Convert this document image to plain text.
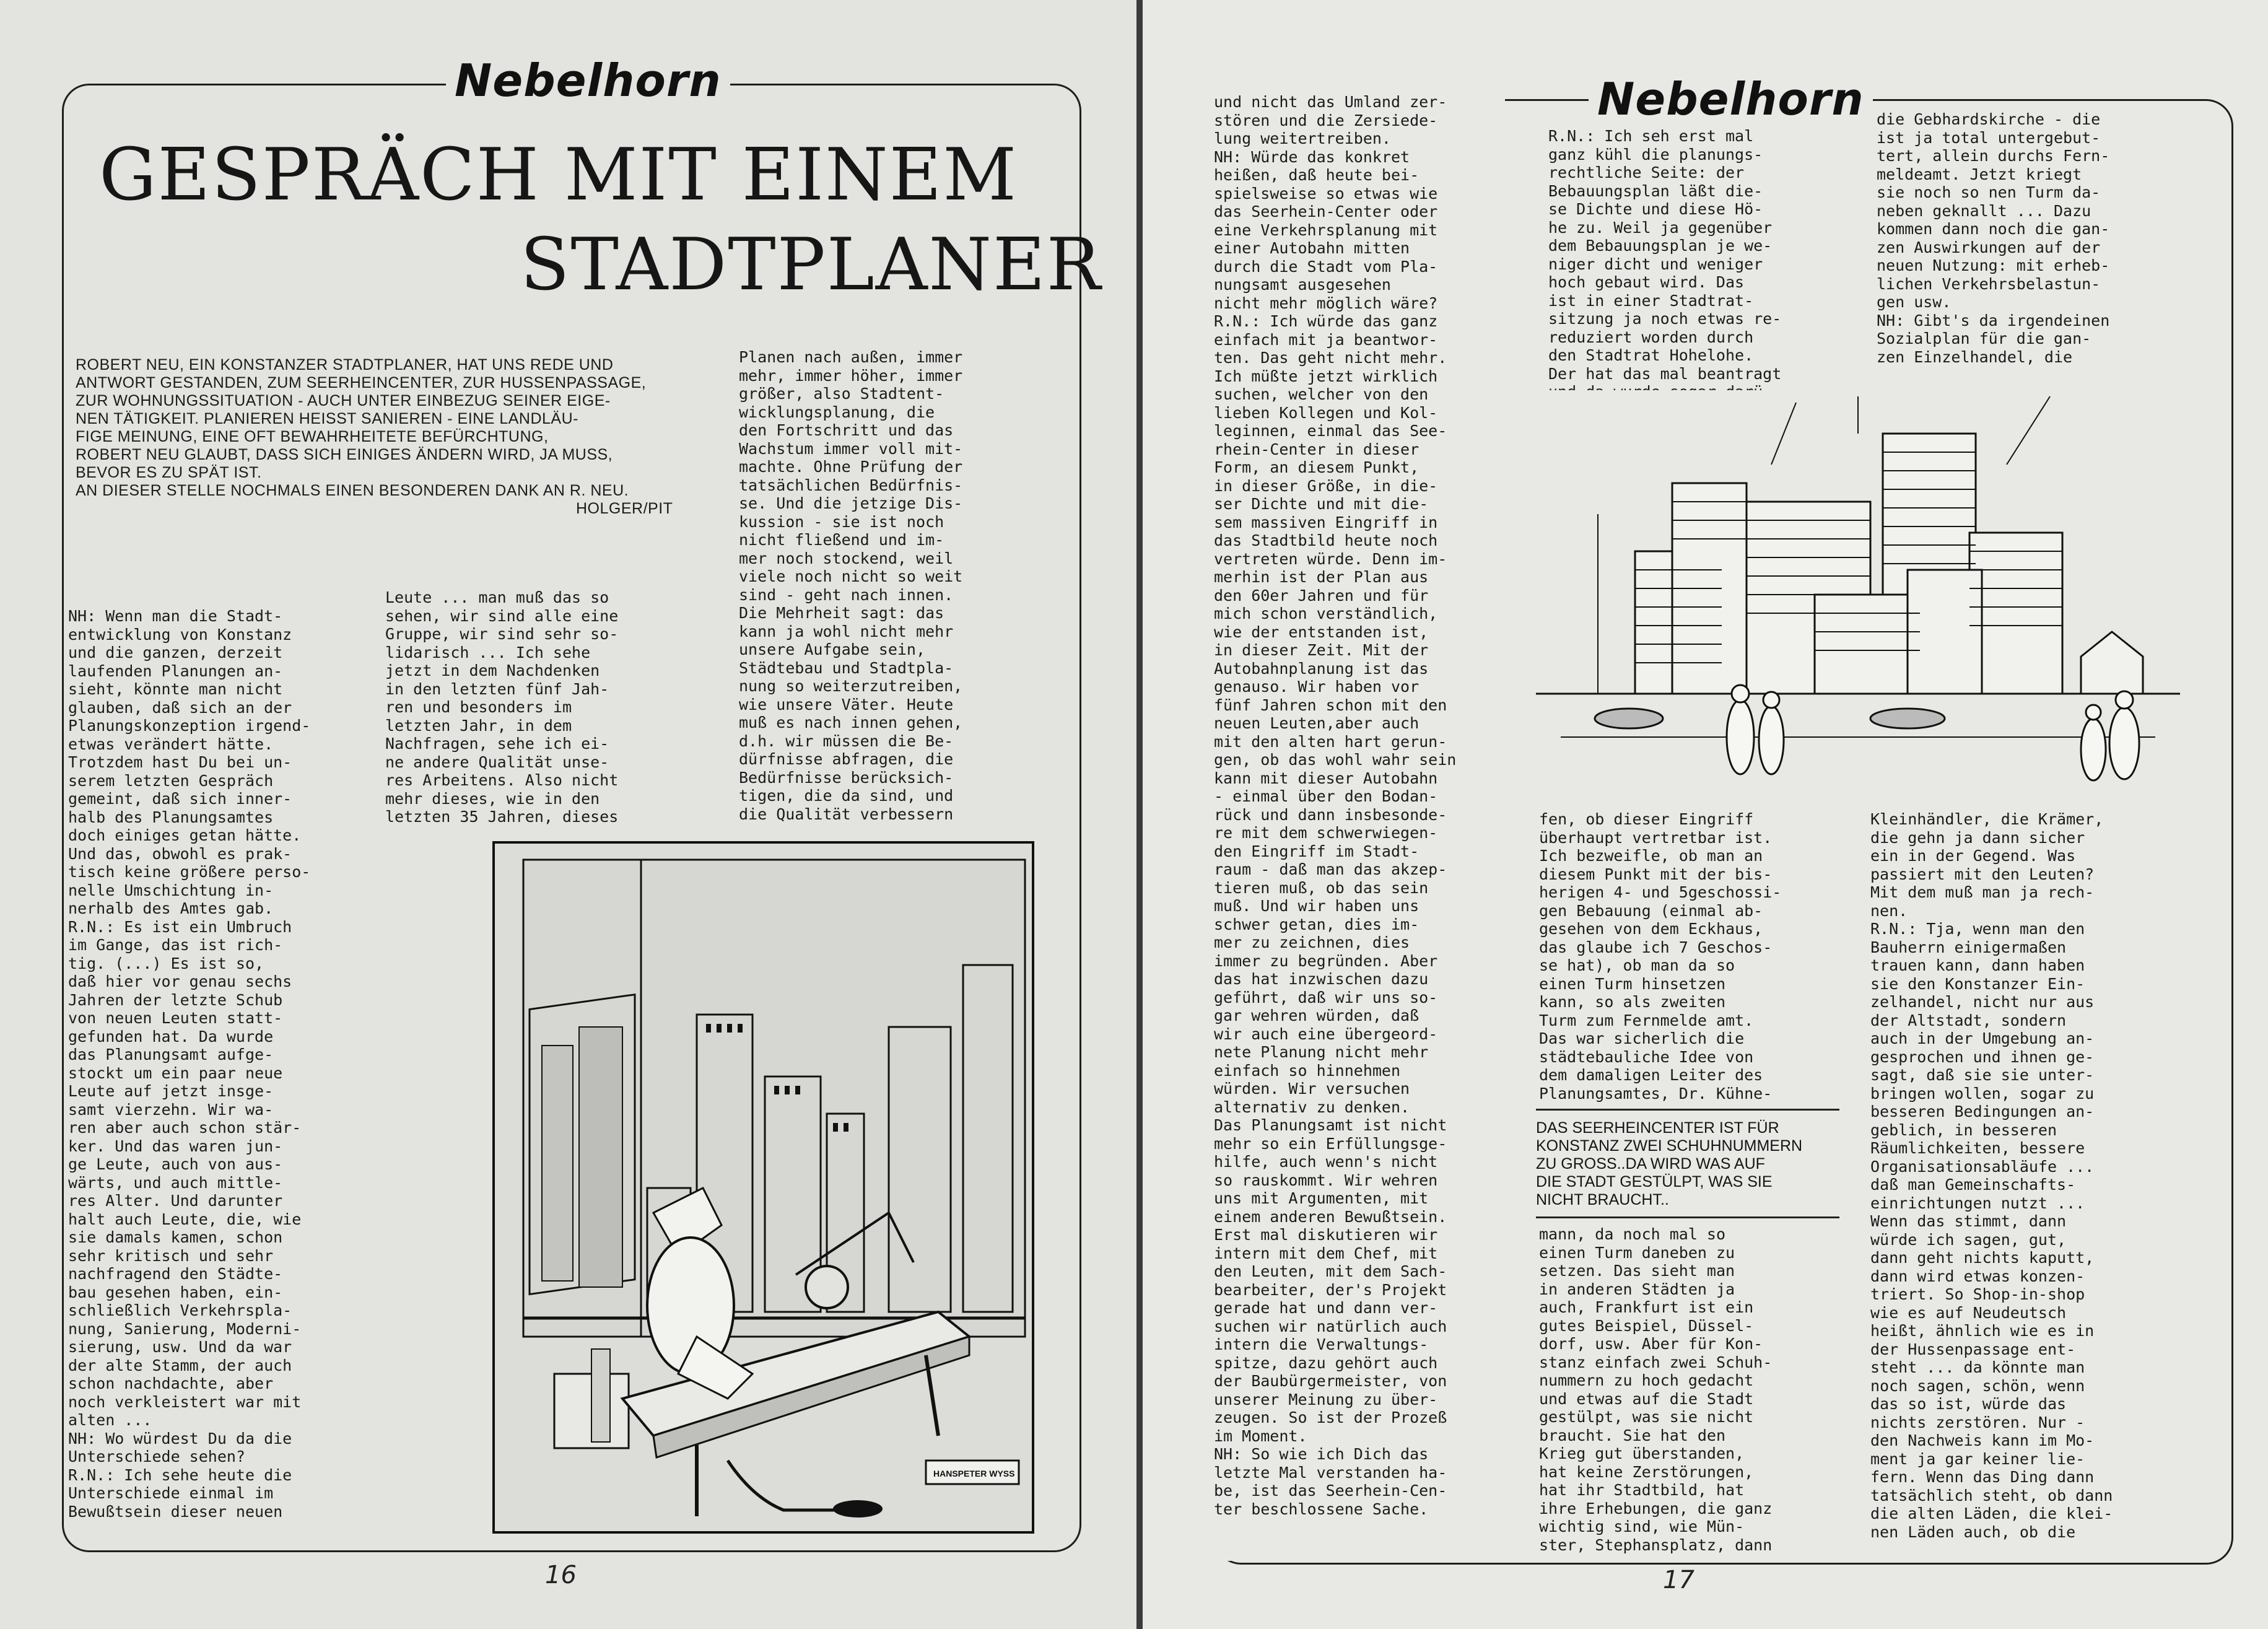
Nebelhorn
GESPRÄCH MIT EINEM
STADTPLANER
ROBERT NEU, EIN KONSTANZER STADTPLANER, HAT UNS REDE UND
ANTWORT GESTANDEN, ZUM SEERHEINCENTER, ZUR HUSSENPASSAGE,
ZUR WOHNUNGSSITUATION - AUCH UNTER EINBEZUG SEINER EIGE-
NEN TÄTIGKEIT. PLANIEREN HEISST SANIEREN - EINE LANDLÄU-
FIGE MEINUNG, EINE OFT BEWAHRHEITETE BEFÜRCHTUNG,
ROBERT NEU GLAUBT, DASS SICH EINIGES ÄNDERN WIRD, JA MUSS,
BEVOR ES ZU SPÄT IST.
AN DIESER STELLE NOCHMALS EINEN BESONDEREN DANK AN R. NEU.
HOLGER/PIT
NH: Wenn man die Stadt-
entwicklung von Konstanz
und die ganzen, derzeit
laufenden Planungen an-
sieht, könnte man nicht
glauben, daß sich an der
Planungskonzeption irgend-
etwas verändert hätte.
Trotzdem hast Du bei un-
serem letzten Gespräch
gemeint, daß sich inner-
halb des Planungsamtes
doch einiges getan hätte.
Und das, obwohl es prak-
tisch keine größere perso-
nelle Umschichtung in-
nerhalb des Amtes gab.
R.N.: Es ist ein Umbruch
im Gange, das ist rich-
tig. (...) Es ist so,
daß hier vor genau sechs
Jahren der letzte Schub
von neuen Leuten statt-
gefunden hat. Da wurde
das Planungsamt aufge-
stockt um ein paar neue
Leute auf jetzt insge-
samt vierzehn. Wir wa-
ren aber auch schon stär-
ker. Und das waren jun-
ge Leute, auch von aus-
wärts, und auch mittle-
res Alter. Und darunter
halt auch Leute, die, wie
sie damals kamen, schon
sehr kritisch und sehr
nachfragend den Städte-
bau gesehen haben, ein-
schließlich Verkehrspla-
nung, Sanierung, Moderni-
sierung, usw. Und da war
der alte Stamm, der auch
schon nachdachte, aber
noch verkleistert war mit
alten ...
NH: Wo würdest Du da die
Unterschiede sehen?
R.N.: Ich sehe heute die
Unterschiede einmal im
Bewußtsein dieser neuen
Leute ... man muß das so
sehen, wir sind alle eine
Gruppe, wir sind sehr so-
lidarisch ... Ich sehe
jetzt in dem Nachdenken
in den letzten fünf Jah-
ren und besonders im
letzten Jahr, in dem
Nachfragen, sehe ich ei-
ne andere Qualität unse-
res Arbeitens. Also nicht
mehr dieses, wie in den
letzten 35 Jahren, dieses
Planen nach außen, immer
mehr, immer höher, immer
größer, also Stadtent-
wicklungsplanung, die
den Fortschritt und das
Wachstum immer voll mit-
machte. Ohne Prüfung der
tatsächlichen Bedürfnis-
se. Und die jetzige Dis-
kussion - sie ist noch
nicht fließend und im-
mer noch stockend, weil
viele noch nicht so weit
sind - geht nach innen.
Die Mehrheit sagt: das
kann ja wohl nicht mehr
unsere Aufgabe sein,
Städtebau und Stadtpla-
nung so weiterzutreiben,
wie unsere Väter. Heute
muß es nach innen gehen,
d.h. wir müssen die Be-
dürfnisse abfragen, die
Bedürfnisse berücksich-
tigen, die da sind, und
die Qualität verbessern
HANSPETER WYSS
16
Nebelhorn
und nicht das Umland zer-
stören und die Zersiede-
lung weitertreiben.
NH: Würde das konkret
heißen, daß heute bei-
spielsweise so etwas wie
das Seerhein-Center oder
eine Verkehrsplanung mit
einer Autobahn mitten
durch die Stadt vom Pla-
nungsamt ausgesehen
nicht mehr möglich wäre?
R.N.: Ich würde das ganz
einfach mit ja beantwor-
ten. Das geht nicht mehr.
Ich müßte jetzt wirklich
suchen, welcher von den
lieben Kollegen und Kol-
leginnen, einmal das See-
rhein-Center in dieser
Form, an diesem Punkt,
in dieser Größe, in die-
ser Dichte und mit die-
sem massiven Eingriff in
das Stadtbild heute noch
vertreten würde. Denn im-
merhin ist der Plan aus
den 60er Jahren und für
mich schon verständlich,
wie der entstanden ist,
in dieser Zeit. Mit der
Autobahnplanung ist das
genauso. Wir haben vor
fünf Jahren schon mit den
neuen Leuten,aber auch
mit den alten hart gerun-
gen, ob das wohl wahr sein
kann mit dieser Autobahn
- einmal über den Bodan-
rück und dann insbesonde-
re mit dem schwerwiegen-
den Eingriff im Stadt-
raum - daß man das akzep-
tieren muß, ob das sein
muß. Und wir haben uns
schwer getan, dies im-
mer zu zeichnen, dies
immer zu begründen. Aber
das hat inzwischen dazu
geführt, daß wir uns so-
gar wehren würden, daß
wir auch eine übergeord-
nete Planung nicht mehr
einfach so hinnehmen
würden. Wir versuchen
alternativ zu denken.
Das Planungsamt ist nicht
mehr so ein Erfüllungsge-
hilfe, auch wenn's nicht
so rauskommt. Wir wehren
uns mit Argumenten, mit
einem anderen Bewußtsein.
Erst mal diskutieren wir
intern mit dem Chef, mit
den Leuten, mit dem Sach-
bearbeiter, der's Projekt
gerade hat und dann ver-
suchen wir natürlich auch
intern die Verwaltungs-
spitze, dazu gehört auch
der Baubürgermeister, von
unserer Meinung zu über-
zeugen. So ist der Prozeß
im Moment.
NH: So wie ich Dich das
letzte Mal verstanden ha-
be, ist das Seerhein-Cen-
ter beschlossene Sache.
R.N.: Ich seh erst mal
ganz kühl die planungs-
rechtliche Seite: der
Bebauungsplan läßt die-
se Dichte und diese Hö-
he zu. Weil ja gegenüber
dem Bebauungsplan je we-
niger dicht und weniger
hoch gebaut wird. Das
ist in einer Stadtrat-
sitzung ja noch etwas re-
reduziert worden durch
den Stadtrat Hohelohe.
Der hat das mal beantragt

die Gebhardskirche - die
ist ja total untergebut-
tert, allein durchs Fern-
meldeamt. Jetzt kriegt
sie noch so nen Turm da-
neben geknallt ... Dazu
kommen dann noch die gan-
zen Auswirkungen auf der
neuen Nutzung: mit erheb-
lichen Verkehrsbelastun-
gen usw.
NH: Gibt's da irgendeinen
Sozialplan für die gan-
zen Einzelhandel, die
fen, ob dieser Eingriff
überhaupt vertretbar ist.
Ich bezweifle, ob man an
diesem Punkt mit der bis-
herigen 4- und 5geschossi-
gen Bebauung (einmal ab-
gesehen von dem Eckhaus,
das glaube ich 7 Geschos-
se hat), ob man da so
einen Turm hinsetzen
kann, so als zweiten
Turm zum Fernmelde amt.
Das war sicherlich die
städtebauliche Idee von
dem damaligen Leiter des
Planungsamtes, Dr. Kühne-
DAS SEERHEINCENTER IST FÜR
KONSTANZ ZWEI SCHUHNUMMERN
ZU GROSS..DA WIRD WAS AUF
DIE STADT GESTÜLPT, WAS SIE
NICHT BRAUCHT..
mann, da noch mal so
einen Turm daneben zu
setzen. Das sieht man
in anderen Städten ja
auch, Frankfurt ist ein
gutes Beispiel, Düssel-
dorf, usw. Aber für Kon-
stanz einfach zwei Schuh-
nummern zu hoch gedacht
und etwas auf die Stadt
gestülpt, was sie nicht
braucht. Sie hat den
Krieg gut überstanden,
hat keine Zerstörungen,
hat ihr Stadtbild, hat
ihre Erhebungen, die ganz
wichtig sind, wie Mün-
ster, Stephansplatz, dann
Kleinhändler, die Krämer,
die gehn ja dann sicher
ein in der Gegend. Was
passiert mit den Leuten?
Mit dem muß man ja rech-
nen.
R.N.: Tja, wenn man den
Bauherrn einigermaßen
trauen kann, dann haben
sie den Konstanzer Ein-
zelhandel, nicht nur aus
der Altstadt, sondern
auch in der Umgebung an-
gesprochen und ihnen ge-
sagt, daß sie sie unter-
bringen wollen, sogar zu
besseren Bedingungen an-
geblich, in besseren
Räumlichkeiten, bessere
Organisationsabläufe ...
daß man Gemeinschafts-
einrichtungen nutzt ...
Wenn das stimmt, dann
würde ich sagen, gut,
dann geht nichts kaputt,
dann wird etwas konzen-
triert. So Shop-in-shop
wie es auf Neudeutsch
heißt, ähnlich wie es in
der Hussenpassage ent-
steht ... da könnte man
noch sagen, schön, wenn
das so ist, würde das
nichts zerstören. Nur -
den Nachweis kann im Mo-
ment ja gar keiner lie-
fern. Wenn das Ding dann
tatsächlich steht, ob dann
die alten Läden, die klei-
nen Läden auch, ob die
17
